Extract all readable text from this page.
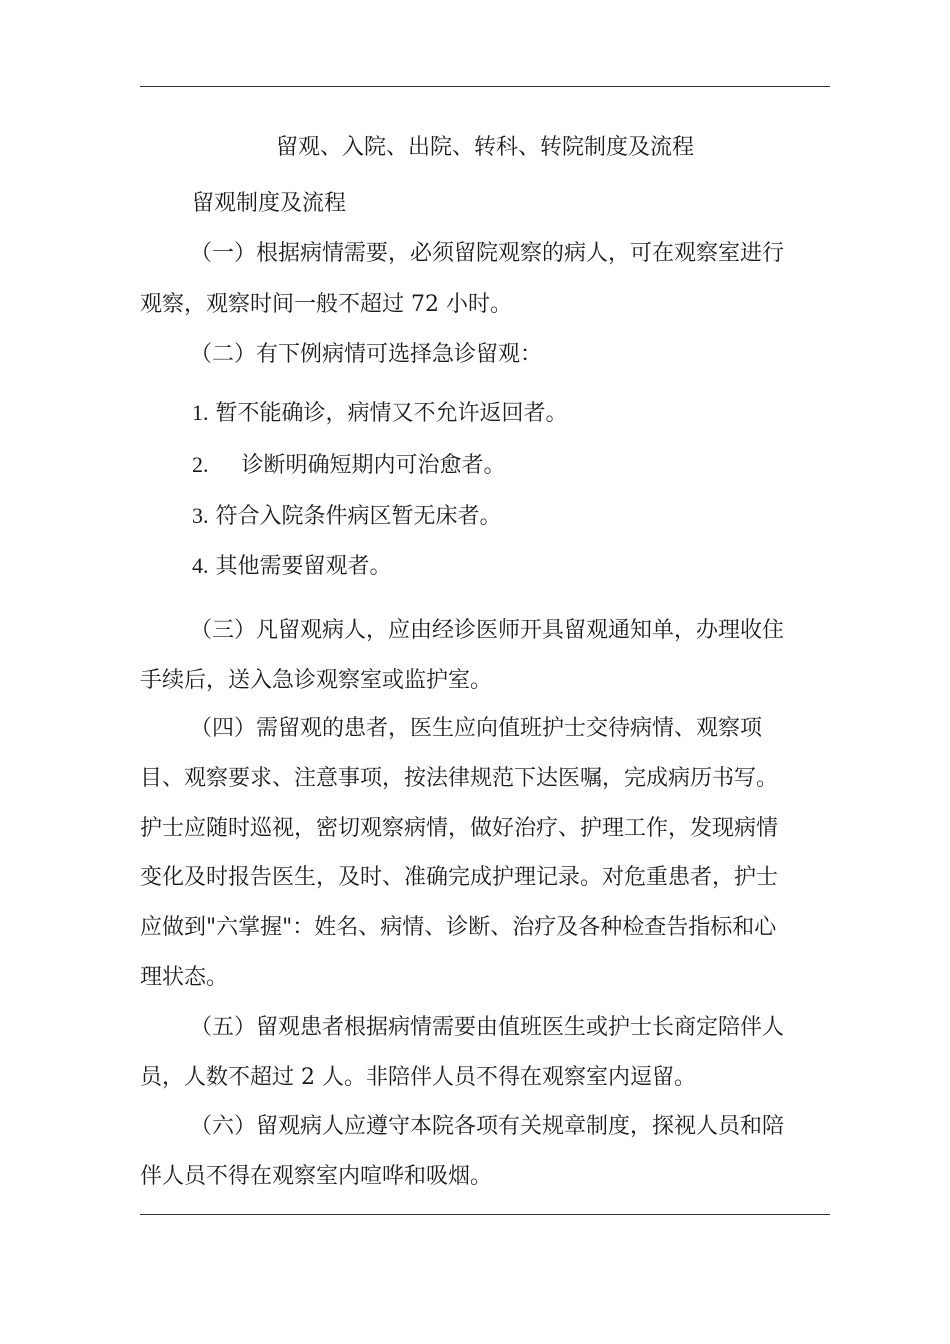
留观、入院、出院、转科、转院制度及流程
留观制度及流程
（一）根据病情需要，必须留院观察的病人，可在观察室进行
观察，观察时间一般不超过 72 小时。
（二）有下例病情可选择急诊留观：
1. 暂不能确诊，病情又不允许返回者。
2. 诊断明确短期内可治愈者。
3. 符合入院条件病区暂无床者。
4. 其他需要留观者。
（三）凡留观病人，应由经诊医师开具留观通知单，办理收住
手续后，送入急诊观察室或监护室。
（四）需留观的患者，医生应向值班护士交待病情、观察项
目、观察要求、注意事项，按法律规范下达医嘱，完成病历书写。
护士应随时巡视，密切观察病情，做好治疗、护理工作，发现病情
变化及时报告医生，及时、准确完成护理记录。对危重患者，护士
应做到"六掌握"：姓名、病情、诊断、治疗及各种检查告指标和心
理状态。
（五）留观患者根据病情需要由值班医生或护士长商定陪伴人
员，人数不超过 2 人。非陪伴人员不得在观察室内逗留。
（六）留观病人应遵守本院各项有关规章制度，探视人员和陪
伴人员不得在观察室内喧哗和吸烟。
